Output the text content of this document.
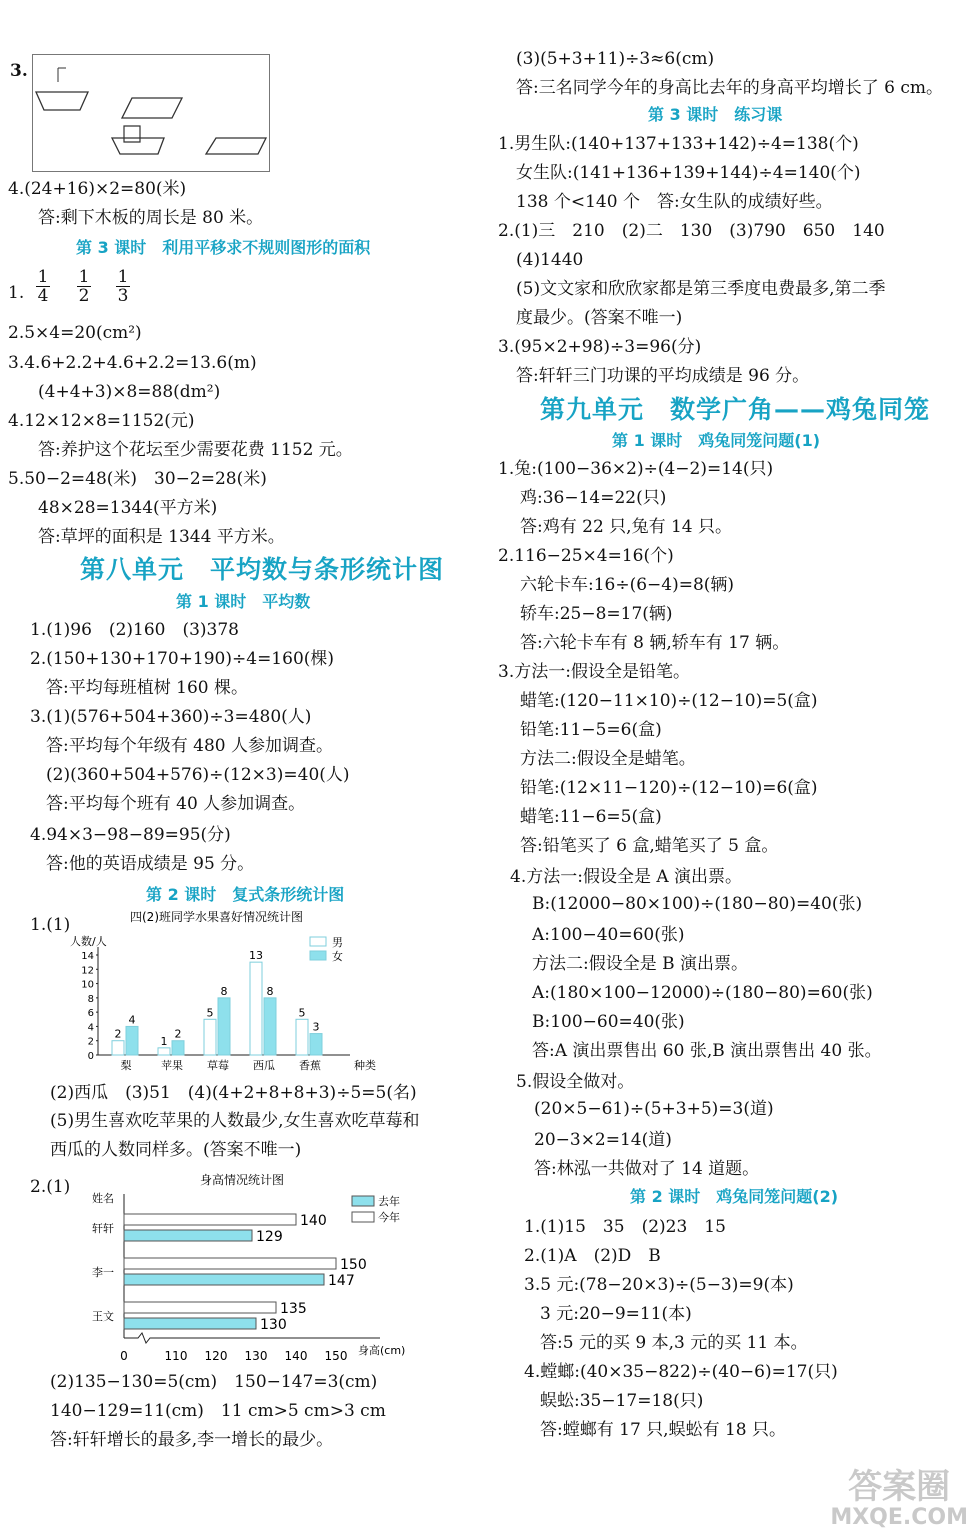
3.
4.(24+16)×2=80(米)
答:剩下木板的周长是 80 米。
第 3 课时　利用平移求不规则图形的面积
1. $\frac{1}{4} \frac{1}{2} \frac{1}{3}$
2.5×4=20(cm²)
3.4.6+2.2+4.6+2.2=13.6(m)
(4+4+3)×8=88(dm²)
4.12×12×8=1152(元)
答:养护这个花坛至少需要花费 1152 元。
5.50−2=48(米)　30−2=28(米)
48×28=1344(平方米)
答:草坪的面积是 1344 平方米。
第八单元　平均数与条形统计图
第 1 课时　平均数
1.(1)96　(2)160　(3)378
2.(150+130+170+190)÷4=160(棵)
答:平均每班植树 160 棵。
3.(1)(576+504+360)÷3=480(人)
答:平均每个年级有 480 人参加调查。
(2)(360+504+576)÷(12×3)=40(人)
答:平均每个班有 40 人参加调查。
4.94×3−98−89=95(分)
答:他的英语成绩是 95 分。
第 2 课时　复式条形统计图
1.(1)	四(2)班同学水果喜好情况统计图
人数/人
0
2
4
6
8
10
12
14
2
4
梨
1
2
苹果
5
8
草莓
13
8
西瓜
5
3
香蕉	种类
男
女
(2)西瓜　(3)51　(4)(4+2+8+8+3)÷5=5(名)
(5)男生喜欢吃苹果的人数最少,女生喜欢吃草莓和
西瓜的人数同样多。(答案不唯一)
2.(1)	身高情况统计图
姓名
0	110 120 130 140 150 身高(cm)
轩轩	140
129
李一	150
147
王文	135
130
去年
今年
(2)135−130=5(cm)　150−147=3(cm)
140−129=11(cm)　11 cm>5 cm>3 cm
答:轩轩增长的最多,李一增长的最少。
(3)(5+3+11)÷3≈6(cm)
答:三名同学今年的身高比去年的身高平均增长了 6 cm。
第 3 课时　练习课
1.男生队:(140+137+133+142)÷4=138(个)
女生队:(141+136+139+144)÷4=140(个)
138 个<140 个　答:女生队的成绩好些。
2.(1)三　210　(2)二　130　(3)790　650　140
(4)1440
(5)文文家和欣欣家都是第三季度电费最多,第二季
度最少。(答案不唯一)
3.(95×2+98)÷3=96(分)
答:轩轩三门功课的平均成绩是 96 分。
第九单元　数学广角——鸡兔同笼
第 1 课时　鸡兔同笼问题(1)
1.兔:(100−36×2)÷(4−2)=14(只)
鸡:36−14=22(只)
答:鸡有 22 只,兔有 14 只。
2.116−25×4=16(个)
六轮卡车:16÷(6−4)=8(辆)
轿车:25−8=17(辆)
答:六轮卡车有 8 辆,轿车有 17 辆。
3.方法一:假设全是铅笔。
蜡笔:(120−11×10)÷(12−10)=5(盒)
铅笔:11−5=6(盒)
方法二:假设全是蜡笔。
铅笔:(12×11−120)÷(12−10)=6(盒)
蜡笔:11−6=5(盒)
答:铅笔买了 6 盒,蜡笔买了 5 盒。
4.方法一:假设全是 A 演出票。
B:(12000−80×100)÷(180−80)=40(张)
A:100−40=60(张)
方法二:假设全是 B 演出票。
A:(180×100−12000)÷(180−80)=60(张)
B:100−60=40(张)
答:A 演出票售出 60 张,B 演出票售出 40 张。
5.假设全做对。
(20×5−61)÷(5+3+5)=3(道)
20−3×2=14(道)
答:林泓一共做对了 14 道题。
第 2 课时　鸡兔同笼问题(2)
1.(1)15　35　(2)23　15
2.(1)A　(2)D　B
3.5 元:(78−20×3)÷(5−3)=9(本)
3 元:20−9=11(本)
答:5 元的买 9 本,3 元的买 11 本。
4.螳螂:(40×35−822)÷(40−6)=17(只)
蜈蚣:35−17=18(只)
答:螳螂有 17 只,蜈蚣有 18 只。
答案圈
MXQE.COM
